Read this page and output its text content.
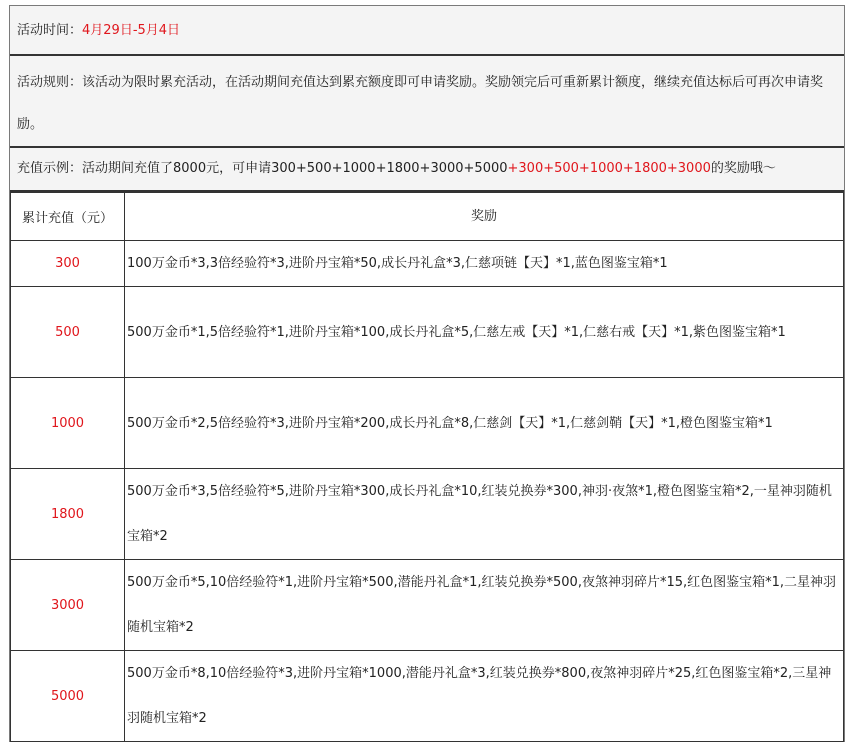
活动时间：4月29日-5月4日
活动规则：该活动为限时累充活动，在活动期间充值达到累充额度即可申请奖励。奖励领完后可重新累计额度，继续充值达标后可再次申请奖励。
充值示例：活动期间充值了8000元，可申请300+500+1000+1800+3000+5000+300+500+1000+1800+3000的奖励哦～
累计充值（元）	奖励
300	100万金币*3,3倍经验符*3,进阶丹宝箱*50,成长丹礼盒*3,仁慈项链【天】*1,蓝色图鉴宝箱*1
500	500万金币*1,5倍经验符*1,进阶丹宝箱*100,成长丹礼盒*5,仁慈左戒【天】*1,仁慈右戒【天】*1,紫色图鉴宝箱*1
1000	500万金币*2,5倍经验符*3,进阶丹宝箱*200,成长丹礼盒*8,仁慈剑【天】*1,仁慈剑鞘【天】*1,橙色图鉴宝箱*1
1800	500万金币*3,5倍经验符*5,进阶丹宝箱*300,成长丹礼盒*10,红装兑换券*300,神羽·夜煞*1,橙色图鉴宝箱*2,一星神羽随机宝箱*2
3000	500万金币*5,10倍经验符*1,进阶丹宝箱*500,潜能丹礼盒*1,红装兑换券*500,夜煞神羽碎片*15,红色图鉴宝箱*1,二星神羽随机宝箱*2
5000	500万金币*8,10倍经验符*3,进阶丹宝箱*1000,潜能丹礼盒*3,红装兑换券*800,夜煞神羽碎片*25,红色图鉴宝箱*2,三星神羽随机宝箱*2
